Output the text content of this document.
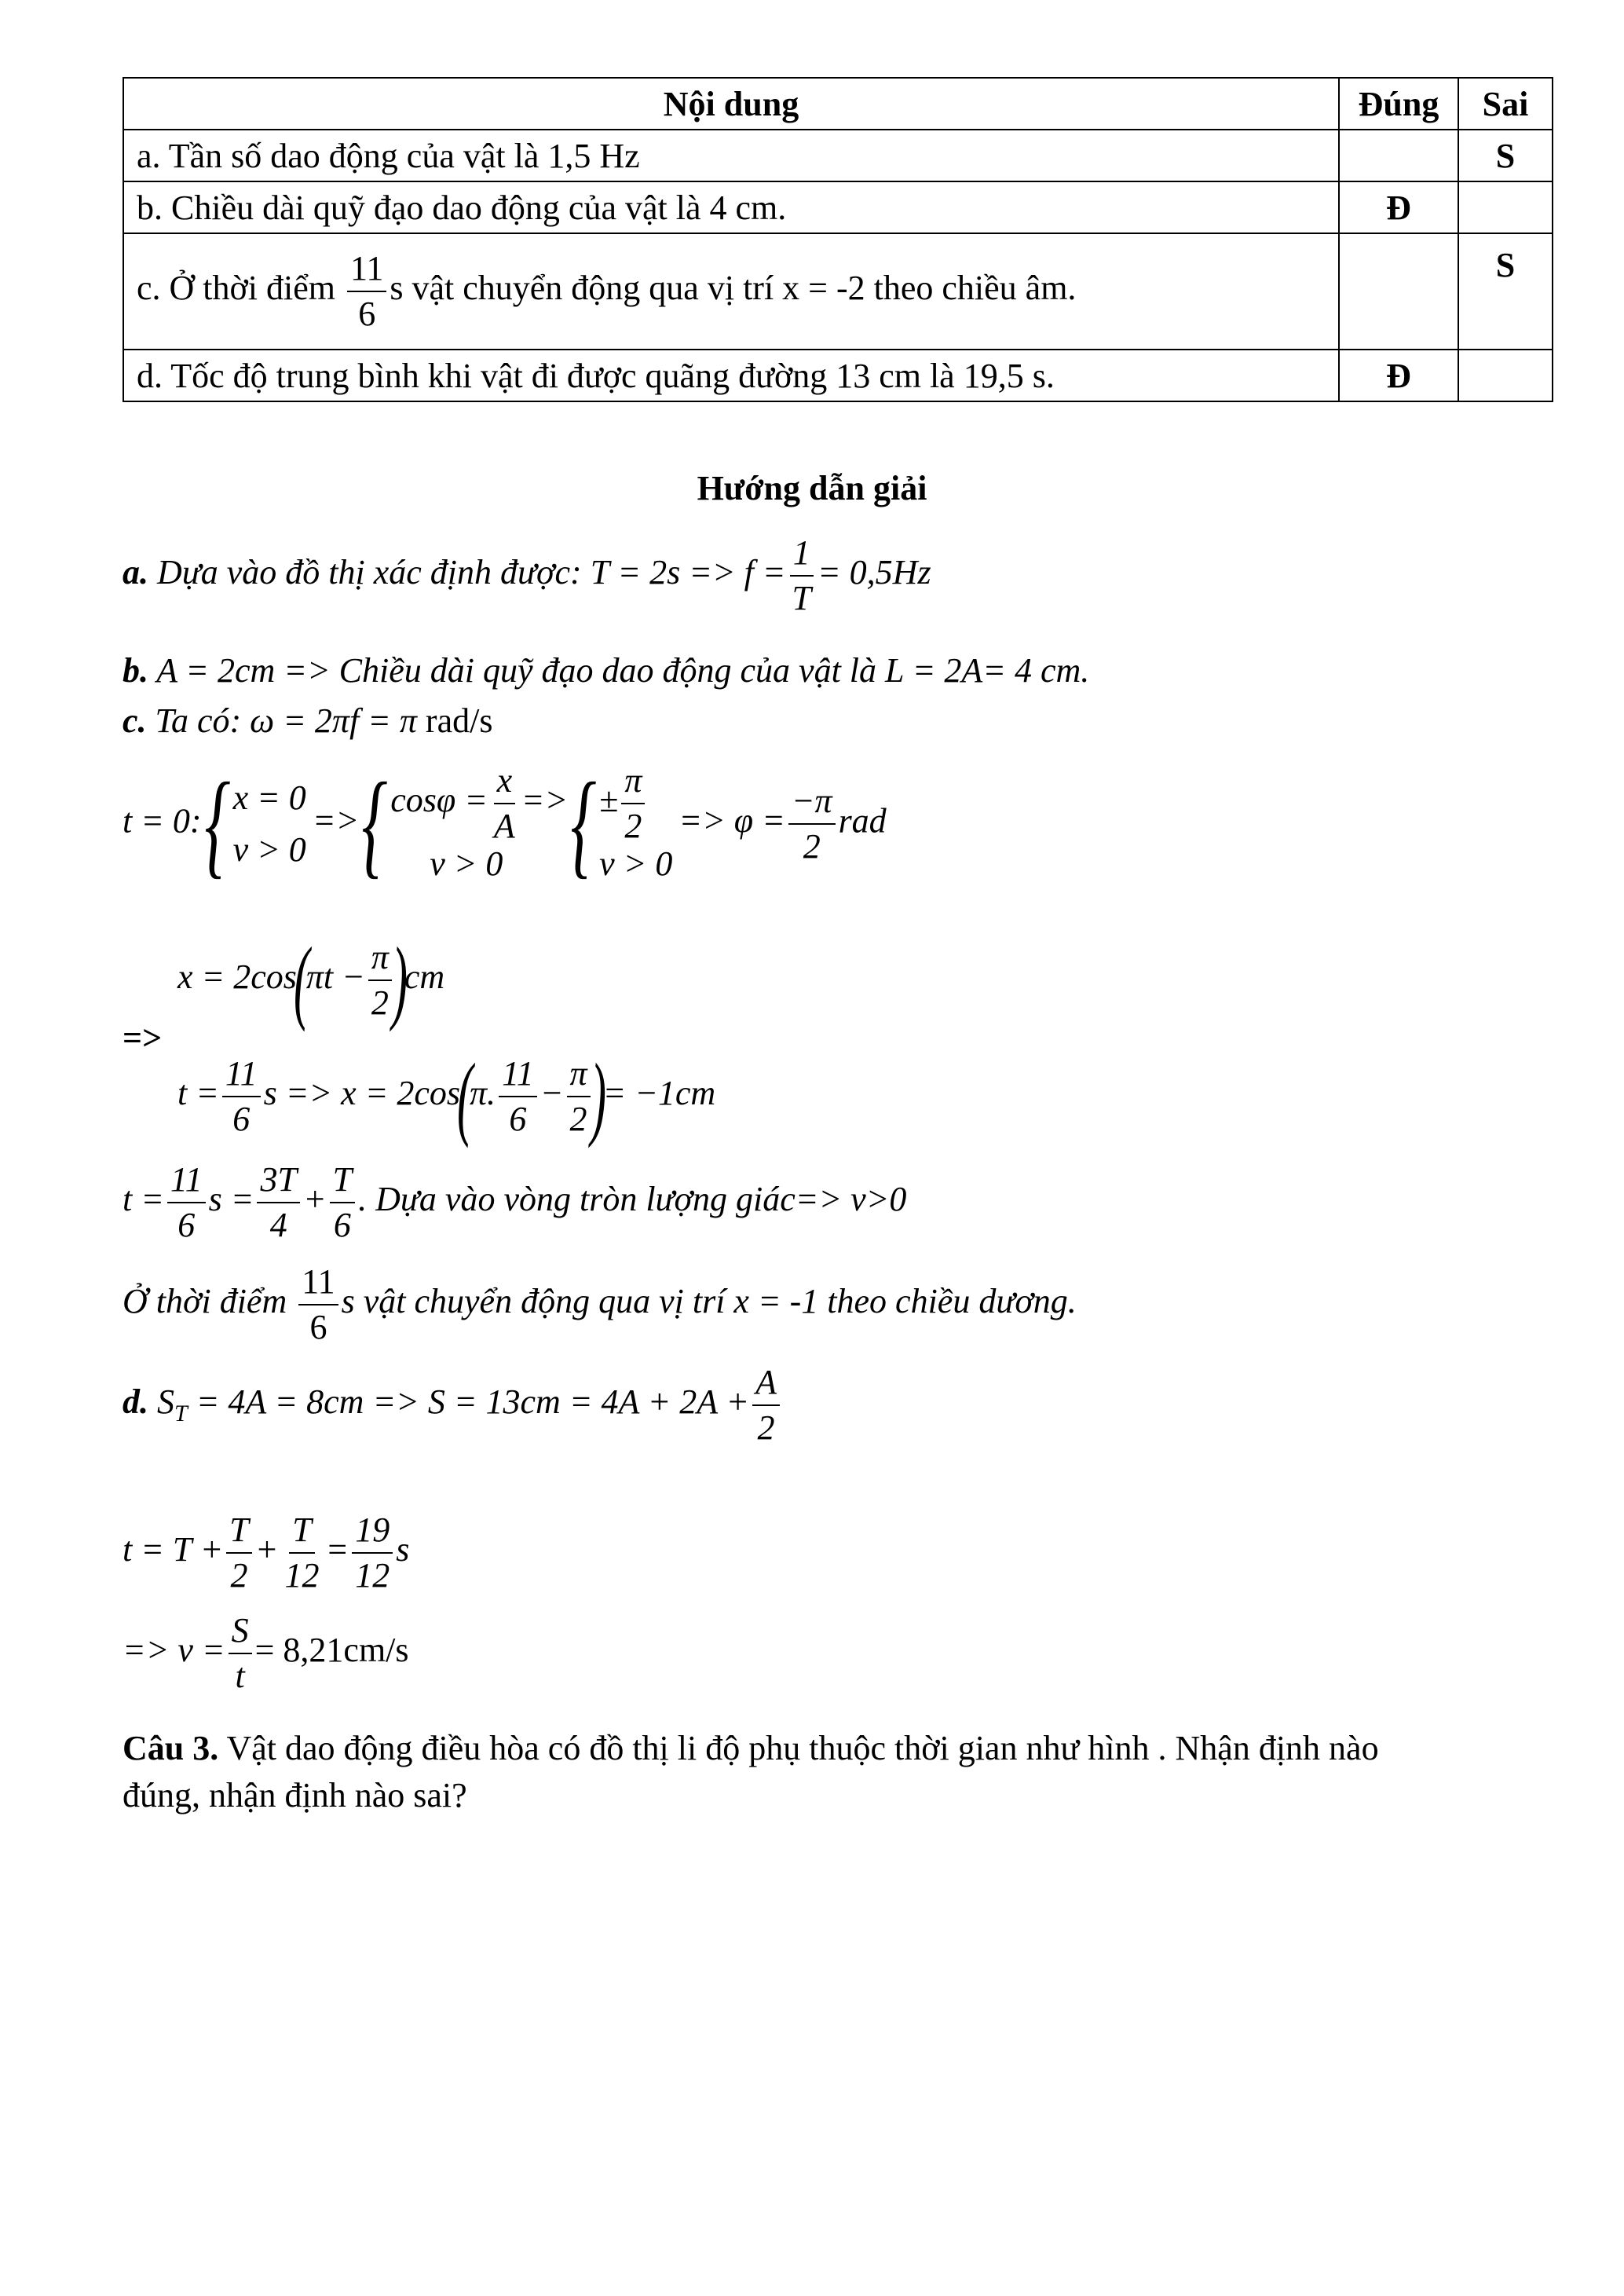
Nội dung	Đúng	Sai
a. Tần số dao động của vật là 1,5 Hz		S
b. Chiều dài quỹ đạo dao động của vật là 4 cm.	Đ	
c. Ở thời điểm $\frac{11}{6}$ s vật chuyển động qua vị trí x = -2 theo chiều âm.		S
d. Tốc độ trung bình khi vật đi được quãng đường 13 cm là 19,5 s.	Đ	
Hướng dẫn giải
a. Dựa vào đồ thị xác định được: $T = 2s => f = \frac{1}{T} = 0,5Hz$
b. A = 2cm => Chiều dài quỹ đạo dao động của vật là L = 2A= 4 cm.
c. Ta có: ω = 2πf = π rad/s
t = 0:{ x = 0
v > 0
=>{ $\cos\varphi = \frac{x}{A}$ =>
v > 0 { ± $\frac{\pi}{2}$
v > 0
=> $\varphi = \frac{-\pi}{2}$ rad
$x = 2\cos(\pi t - \frac{\pi}{2} )cm$
=>
$t = \frac{11}{6}$ s => x = 2cos(π. $\frac{11}{6} - \frac{\pi}{2}$ )= −1cm
$t = \frac{11}{6}$ $s = \frac{3T}{4} + \frac{T}{6}$ . Dựa vào vòng tròn lượng giác=> v>0
Ở thời điểm $\frac{11}{6}$ s vật chuyển động qua vị trí x = -1 theo chiều dương.
d. $S_T = 4A = 8cm => S = 13cm = 4A + 2A + \frac{A}{2}$
$t = T + \frac{T}{2} + \frac{T}{12} = \frac{19}{12}$ s
=> $v = \frac{S}{t} = 8,21cm/s$
Câu 3. Vật dao động điều hòa có đồ thị li độ phụ thuộc thời gian như hình . Nhận định nào
đúng, nhận định nào sai?
